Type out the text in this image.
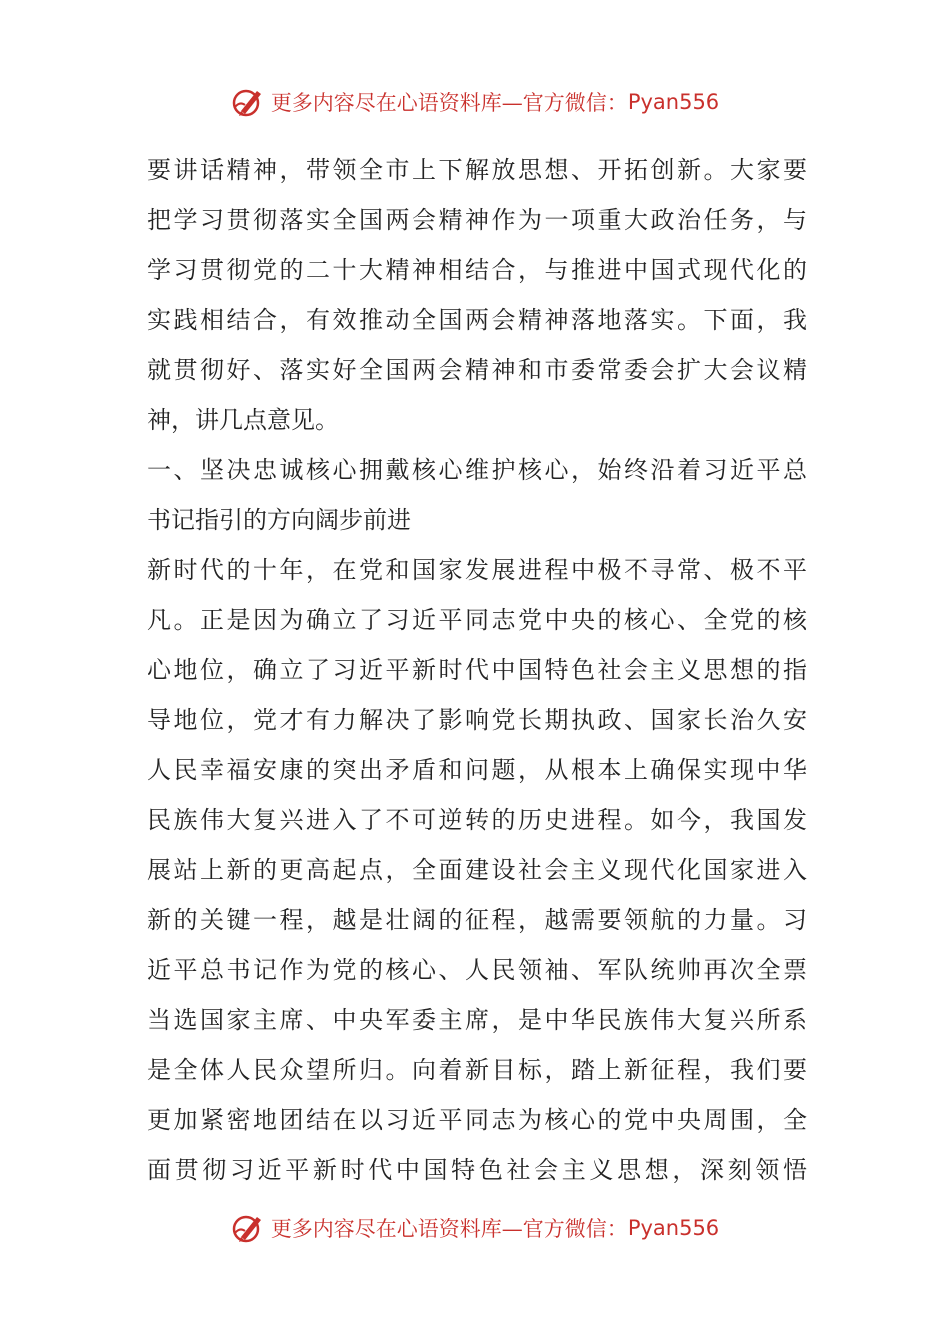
更多内容尽在心语资料库—官方微信： Pyan556
要讲话精神，带领全市上下解放思想、开拓创新。大家要
把学习贯彻落实全国两会精神作为一项重大政治任务，与
学习贯彻党的二十大精神相结合，与推进中国式现代化的
实践相结合，有效推动全国两会精神落地落实。下面，我
就贯彻好、落实好全国两会精神和市委常委会扩大会议精
神，讲几点意见。
一、坚决忠诚核心拥戴核心维护核心，始终沿着习近平总
书记指引的方向阔步前进
新时代的十年，在党和国家发展进程中极不寻常、极不平
凡。正是因为确立了习近平同志党中央的核心、全党的核
心地位，确立了习近平新时代中国特色社会主义思想的指
导地位，党才有力解决了影响党长期执政、国家长治久安
人民幸福安康的突出矛盾和问题，从根本上确保实现中华
民族伟大复兴进入了不可逆转的历史进程。如今，我国发
展站上新的更高起点，全面建设社会主义现代化国家进入
新的关键一程，越是壮阔的征程，越需要领航的力量。习
近平总书记作为党的核心、人民领袖、军队统帅再次全票
当选国家主席、中央军委主席，是中华民族伟大复兴所系
是全体人民众望所归。向着新目标，踏上新征程，我们要
更加紧密地团结在以习近平同志为核心的党中央周围，全
面贯彻习近平新时代中国特色社会主义思想，深刻领悟
更多内容尽在心语资料库—官方微信： Pyan556
